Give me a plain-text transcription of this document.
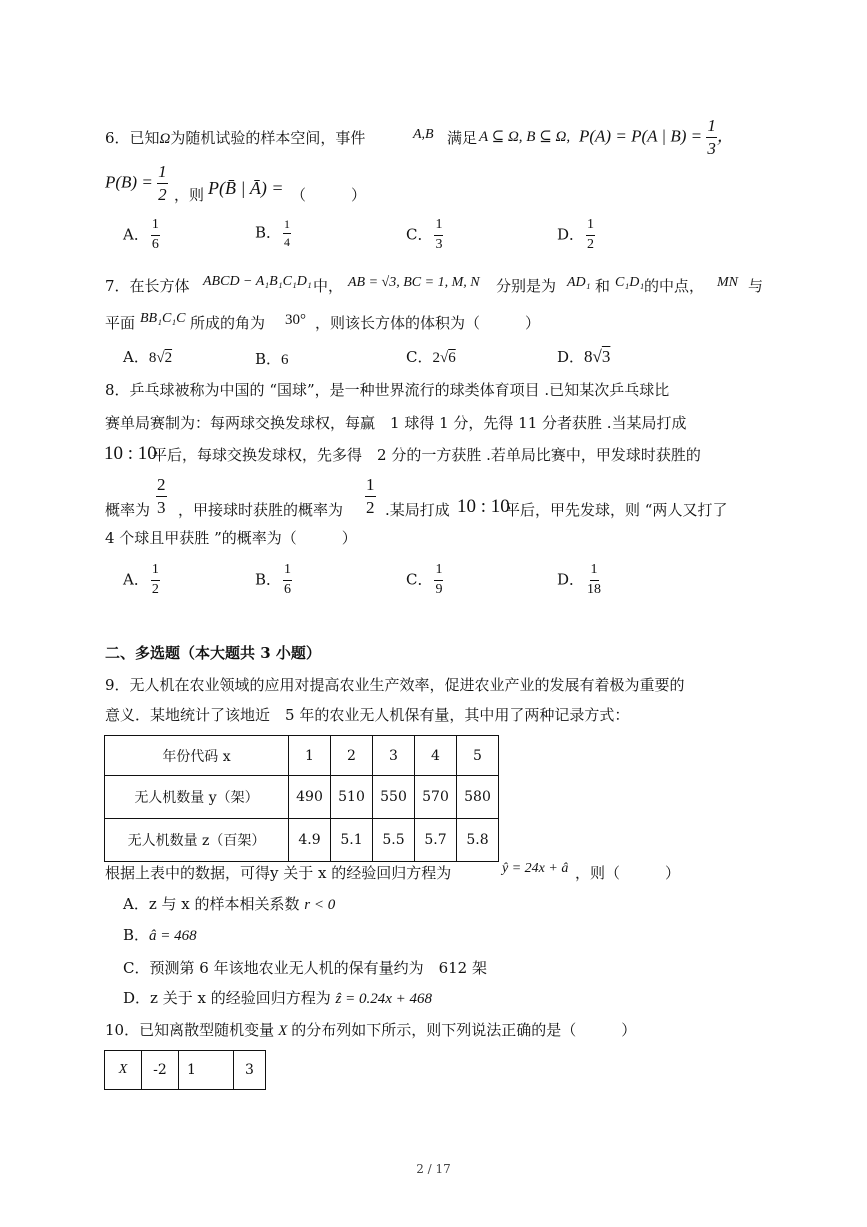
6．已知Ω为随机试验的样本空间，事件	A,B 满足 A ⊆ Ω, B ⊆ Ω, P(A) = P(A | $B) = \frac{1}{3}$ ，
$P(B) = \frac{1}{2}$ ，则 P(B̄ | Ā) = （　　　）
A． $\frac{1}{6}$	B． $\frac{1}{4}$	C． $\frac{1}{3}$	D． $\frac{1}{2}$
7．在长方体 ABCD − A₁B₁C₁D₁ 中， AB = √3, BC = 1, M, N 分别是为 AD₁ 和 C₁D₁ 的中点， MN 与
平面 BB₁C₁C 所成的角为 30° ，则该长方体的体积为（　　　）
A．8√2	B．6	C．2√6	D．8√3
8．乒乓球被称为中国的 “国球”，是一种世界流行的球类体育项目 .已知某次乒乓球比
赛单局赛制为：每两球交换发球权，每赢　1 球得 1 分，先得 11 分者获胜 .当某局打成
10 : 10
平后，每球交换发球权，先多得　2 分的一方获胜 .若单局比赛中，甲发球时获胜的
概率为 $\frac{2}{3}$ ，甲接球时获胜的概率为 $\frac{1}{2}$ .某局打成 10 : 10
平后，甲先发球，则 “两人又打了
4 个球且甲获胜 ”的概率为（　　　）
A． $\frac{1}{2}$	B． $\frac{1}{6}$	C． $\frac{1}{9}$	D． $\frac{1}{18}$
二、多选题（本大题共 3 小题）
9．无人机在农业领域的应用对提高农业生产效率，促进农业产业的发展有着极为重要的
意义．某地统计了该地近　5 年的农业无人机保有量，其中用了两种记录方式：
年份代码 x	1	2	3	4	5
无人机数量 y（架）	490	510	550	570	580
无人机数量 z（百架）	4.9	5.1	5.5	5.7	5.8
根据上表中的数据，可得y 关于 x 的经验回归方程为	ŷ = 24x + â ，则（　　　）
A．z 与 x 的样本相关系数 r < 0
B．â = 468
C．预测第 6 年该地农业无人机的保有量约为　612 架
D．z 关于 x 的经验回归方程为 ẑ = 0.24x + 468
10．已知离散型随机变量 X 的分布列如下所示，则下列说法正确的是（　　　）
X	-2	1	3
2 / 17
